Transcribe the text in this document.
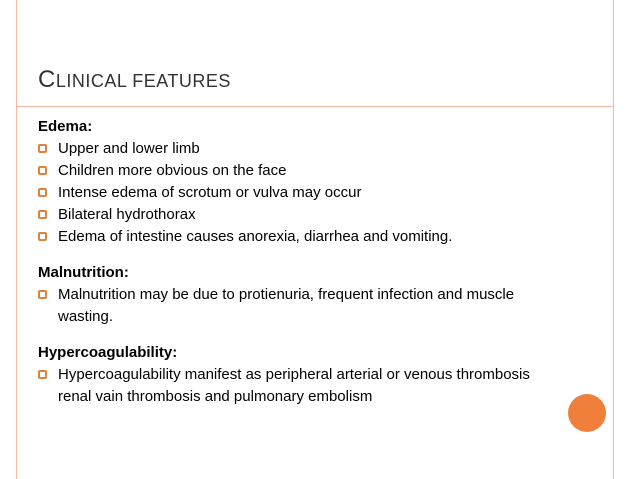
CLINICAL FEATURES

Edema:

Upper and lower limb

Children more obvious on the face

Intense edema of scrotum or vulva may occur

Bilateral hydrothorax

Edema of intestine causes anorexia, diarrhea and vomiting.

Malnutrition:

Malnutrition may be due to protienuria, frequent infection and muscle wasting.

Hypercoagulability:

Hypercoagulability manifest as peripheral arterial or venous thrombosis renal vain thrombosis and pulmonary embolism
